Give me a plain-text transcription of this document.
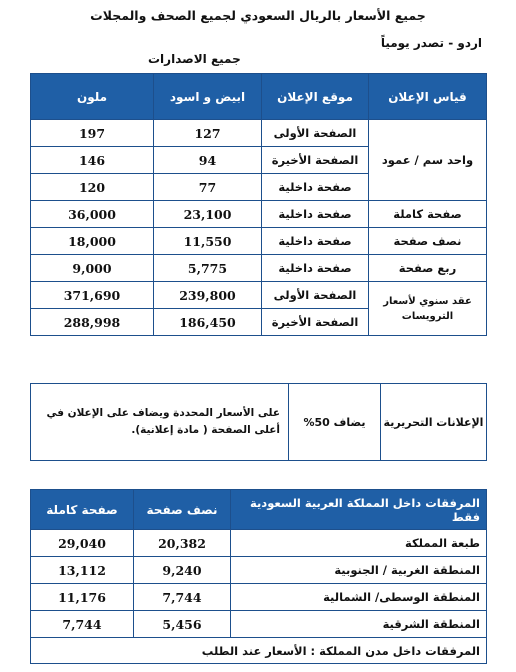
جميع الأسعار بالريال السعودي لجميع الصحف والمجلات
اردو - تصدر يومياً
جميع الاصدارات
قياس الإعلان	موقع الإعلان	ابيض و اسود	ملون
واحد سم / عمود	الصفحة الأولى	127	197
	الصفحة الأخيرة	94	146
	صفحة داخلية	77	120
صفحة كاملة	صفحة داخلية	23,100	36,000
نصف صفحة	صفحة داخلية	11,550	18,000
ربع صفحة	صفحة داخلية	5,775	9,000
عقد سنوي لأسعار الترويسات	الصفحة الأولى	239,800	371,690
	الصفحة الأخيرة	186,450	288,998
الإعلانات التحريرية	يضاف 50%	على الأسعار المحددة ويضاف على الإعلان في أعلى الصفحة ( مادة إعلانية).
المرفقات داخل المملكة العربية السعودية فقط	نصف صفحة	صفحة كاملة
طبعة المملكة	20,382	29,040
المنطقة الغربية / الجنوبية	9,240	13,112
المنطقة الوسطى/ الشمالية	7,744	11,176
المنطقة الشرقية	5,456	7,744
المرفقات داخل مدن المملكة : الأسعار عند الطلب		
